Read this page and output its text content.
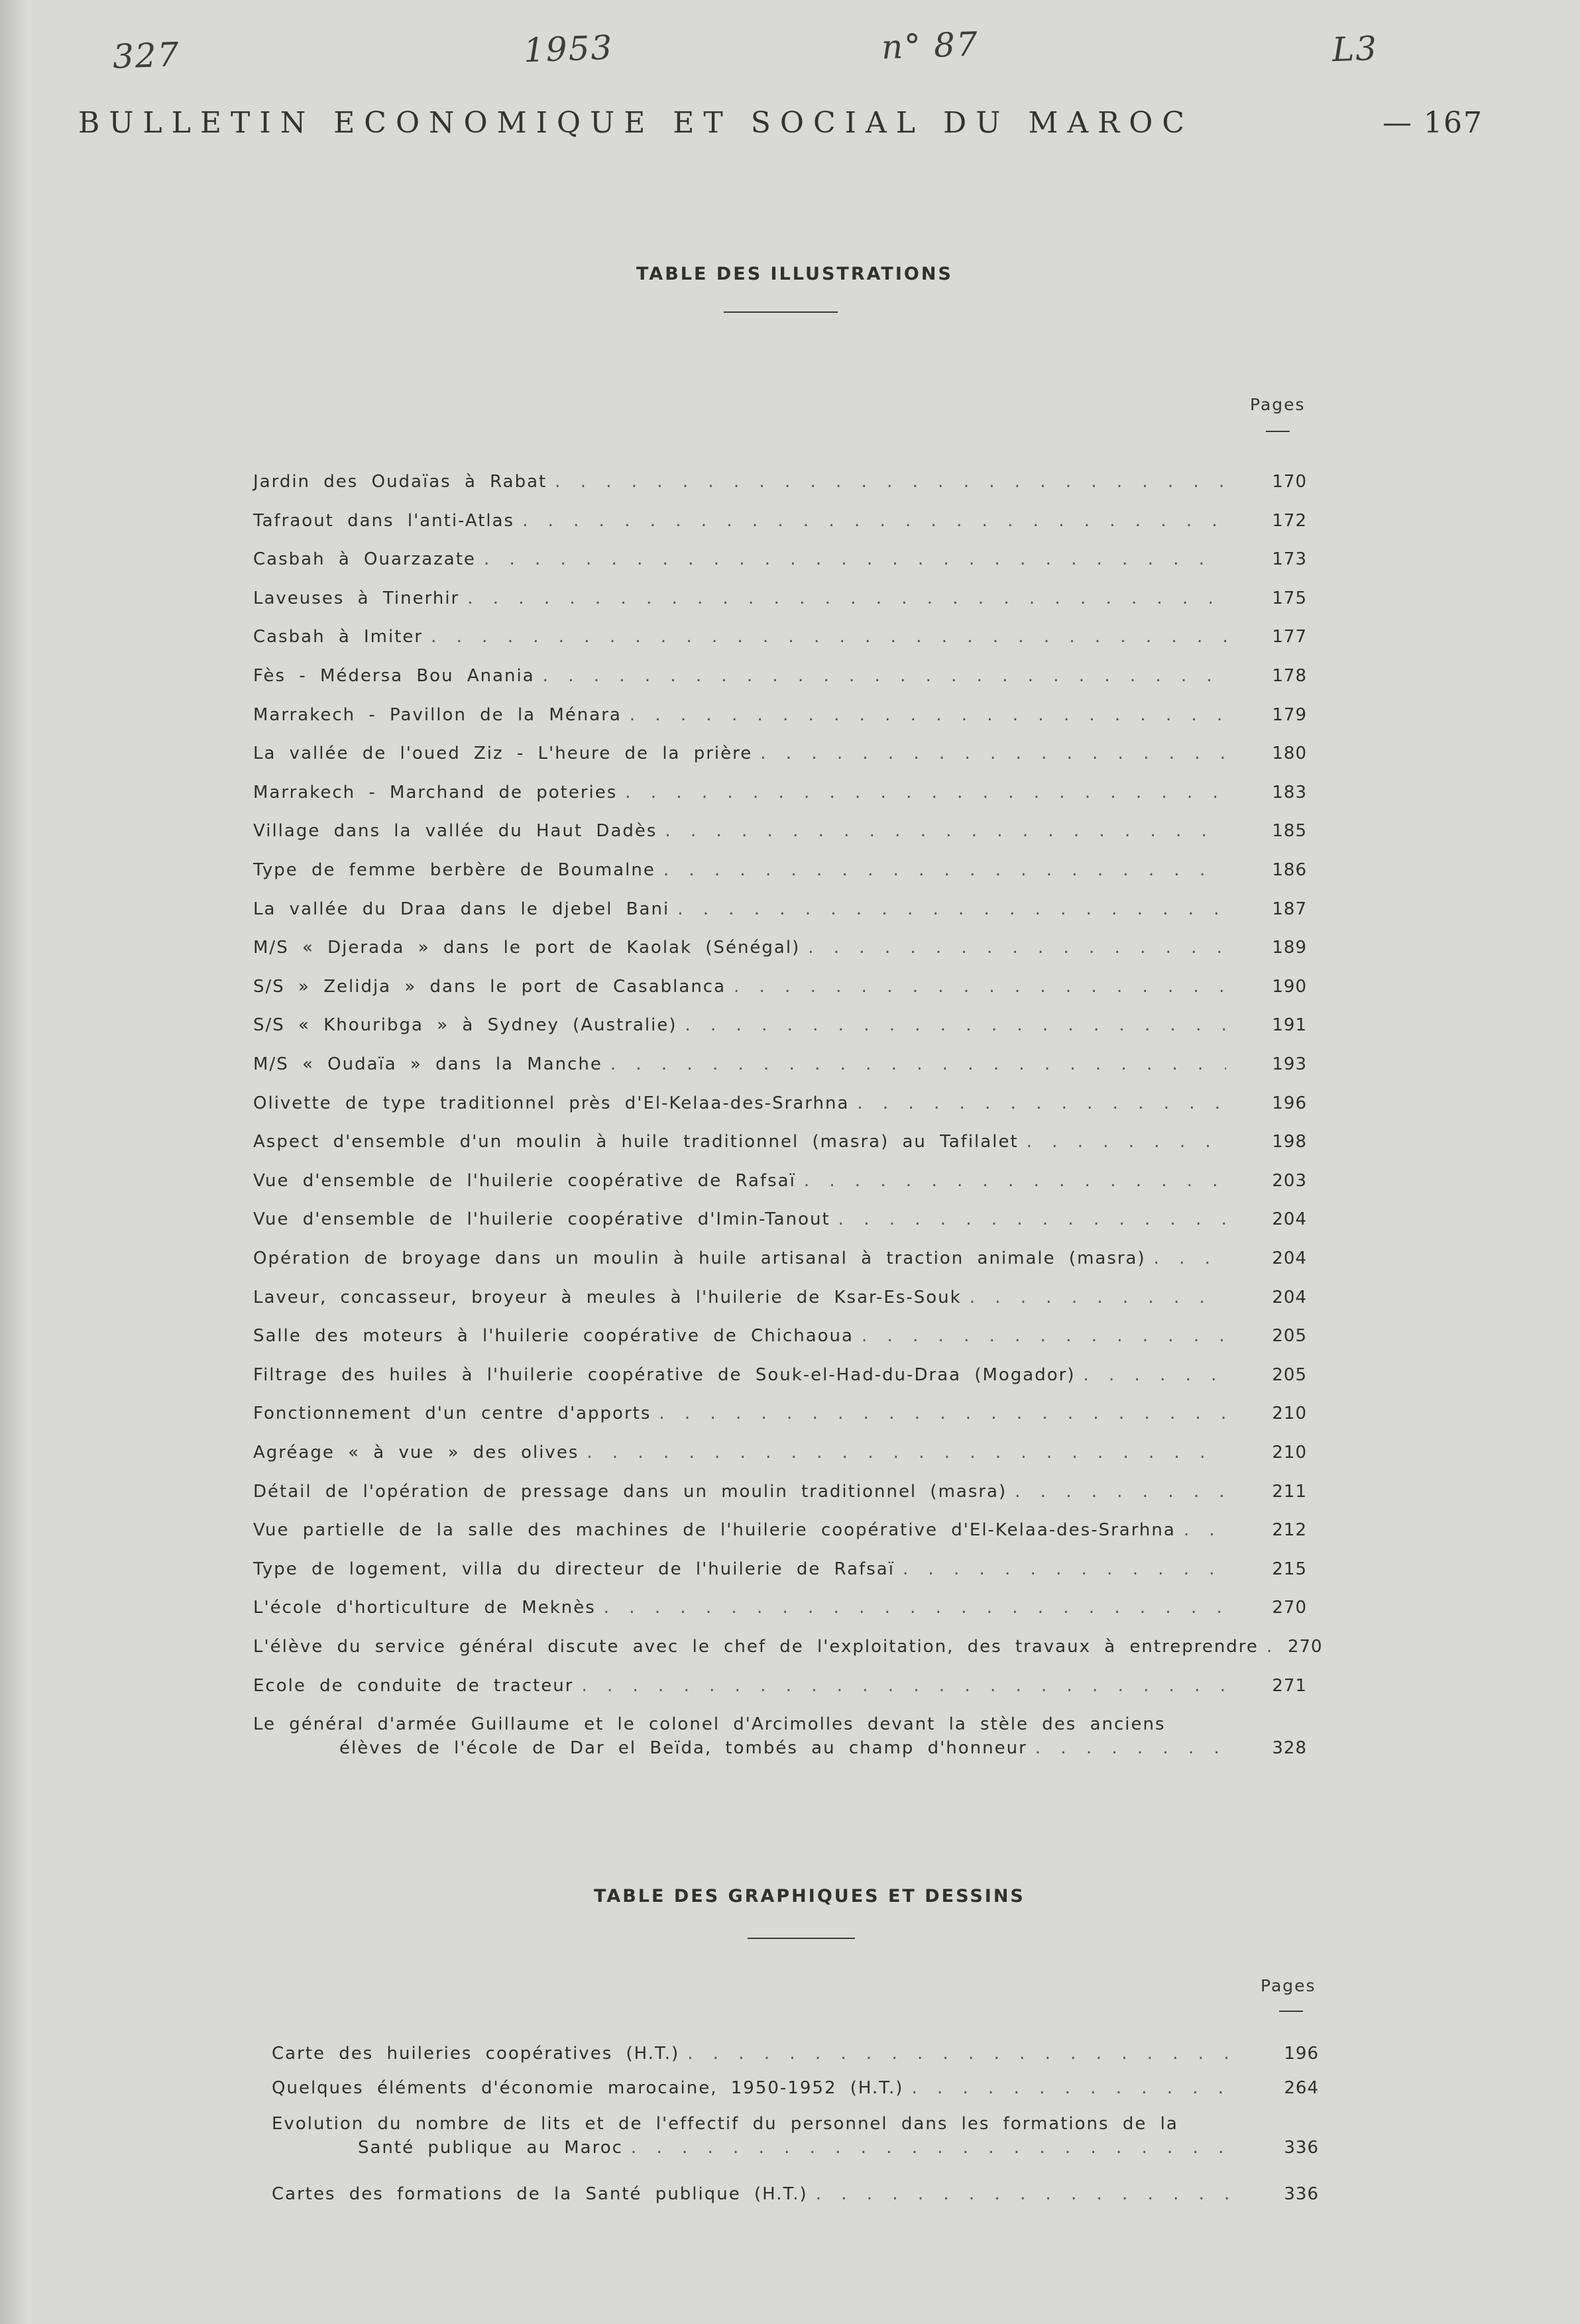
327	1953	n° 87	L3
BULLETIN ECONOMIQUE ET SOCIAL DU MAROC	— 167
TABLE DES ILLUSTRATIONS
Pages
Jardin des Oudaïas à Rabat . . .	170
Tafraout dans l'anti-Atlas . . .	172
Casbah à Ouarzazate . . .	173
Laveuses à Tinerhir . . .	175
Casbah à Imiter . . .	177
Fès - Médersa Bou Anania . . .	178
Marrakech - Pavillon de la Ménara . . .	179
La vallée de l'oued Ziz - L'heure de la prière . . .	180
Marrakech - Marchand de poteries . . .	183
Village dans la vallée du Haut Dadès . . .	185
Type de femme berbère de Boumalne . . .	186
La vallée du Draa dans le djebel Bani . . .	187
M/S « Djerada » dans le port de Kaolak (Sénégal) . . .	189
S/S » Zelidja » dans le port de Casablanca . . .	190
S/S « Khouribga » à Sydney (Australie) . . .	191
M/S « Oudaïa » dans la Manche . . .	193
Olivette de type traditionnel près d'El-Kelaa-des-Srarhna . . .	196
Aspect d'ensemble d'un moulin à huile traditionnel (masra) au Tafilalet . . .	198
Vue d'ensemble de l'huilerie coopérative de Rafsaï . . .	203
Vue d'ensemble de l'huilerie coopérative d'Imin-Tanout . . .	204
Opération de broyage dans un moulin à huile artisanal à traction animale (masra) . . .	204
Laveur, concasseur, broyeur à meules à l'huilerie de Ksar-Es-Souk . . .	204
Salle des moteurs à l'huilerie coopérative de Chichaoua . . .	205
Filtrage des huiles à l'huilerie coopérative de Souk-el-Had-du-Draa (Mogador) . . .	205
Fonctionnement d'un centre d'apports . . .	210
Agréage « à vue » des olives . . .	210
Détail de l'opération de pressage dans un moulin traditionnel (masra) . . .	211
Vue partielle de la salle des machines de l'huilerie coopérative d'El-Kelaa-des-Srarhna . . .	212
Type de logement, villa du directeur de l'huilerie de Rafsaï . . .	215
L'école d'horticulture de Meknès . . .	270
L'élève du service général discute avec le chef de l'exploitation, des travaux à entreprendre . . . 270
Ecole de conduite de tracteur . . .	271
Le général d'armée Guillaume et le colonel d'Arcimolles devant la stèle des anciens
élèves de l'école de Dar el Beïda, tombés au champ d'honneur . . .	328
TABLE DES GRAPHIQUES ET DESSINS
Pages
Carte des huileries coopératives (H.T.) . . .	196
Quelques éléments d'économie marocaine, 1950-1952 (H.T.) . . .	264
Evolution du nombre de lits et de l'effectif du personnel dans les formations de la
Santé publique au Maroc . . .	336
Cartes des formations de la Santé publique (H.T.) . . .	336
